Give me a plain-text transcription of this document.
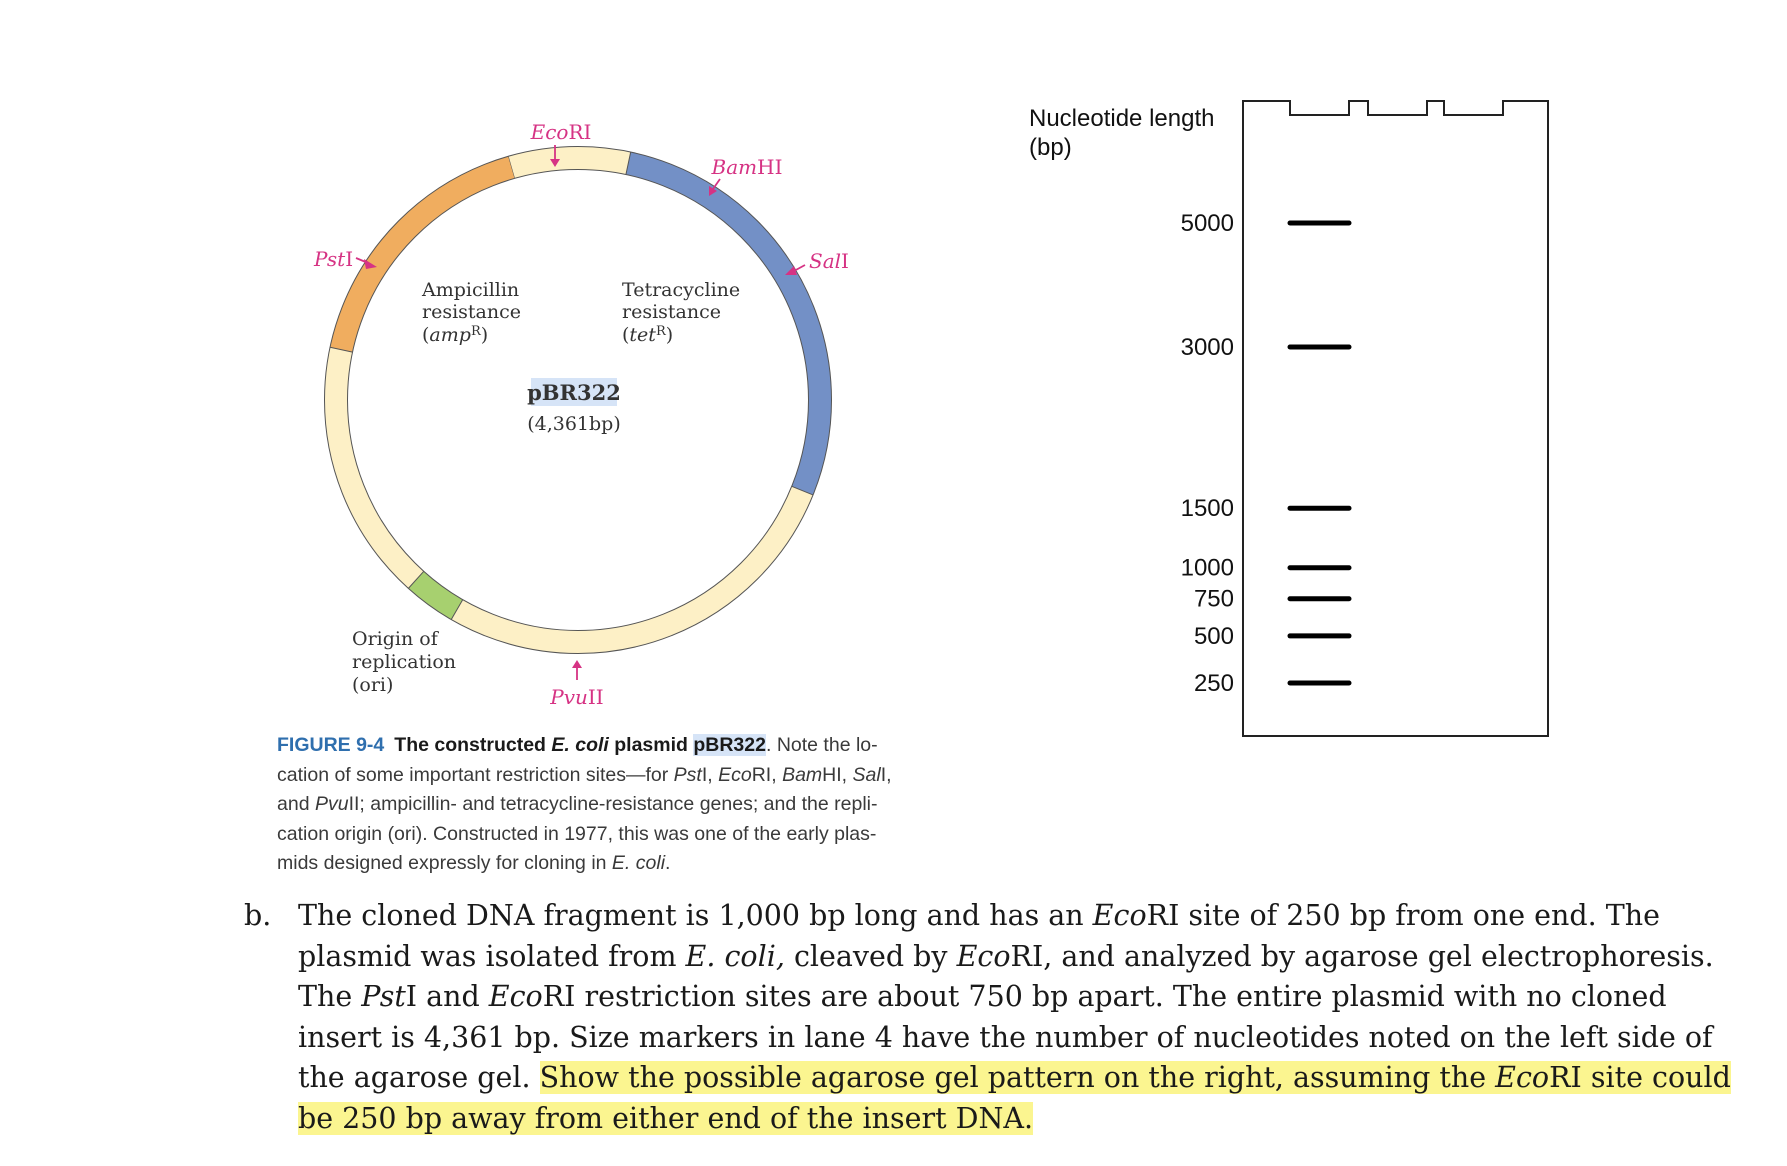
pBR322
(4,361bp)
Ampicillin
resistance
(amp$^R$)
Tetracycline
resistance
(tet$^R$)
Origin of
replication
(ori)
EcoRI
BamHI
SalI
PstI
PvuII
Nucleotide length
(bp)
5000
3000
1500
1000
750
500
250
FIGURE 9-4 The constructed E. coli plasmid pBR322. Note the lo-cation of some important restriction sites—for PstI, EcoRI, BamHI, SalI, and PvuII; ampicillin- and tetracycline-resistance genes; and the repli-cation origin (ori). Constructed in 1977, this was one of the early plas-mids designed expressly for cloning in E. coli.
b. The cloned DNA fragment is 1,000 bp long and has an EcoRI site of 250 bp from one end. The plasmid was isolated from E. coli, cleaved by EcoRI, and analyzed by agarose gel electrophoresis. The PstI and EcoRI restriction sites are about 750 bp apart. The entire plasmid with no cloned insert is 4,361 bp. Size markers in lane 4 have the number of nucleotides noted on the left side of the agarose gel. Show the possible agarose gel pattern on the right, assuming the EcoRI site could be 250 bp away from either end of the insert DNA.
